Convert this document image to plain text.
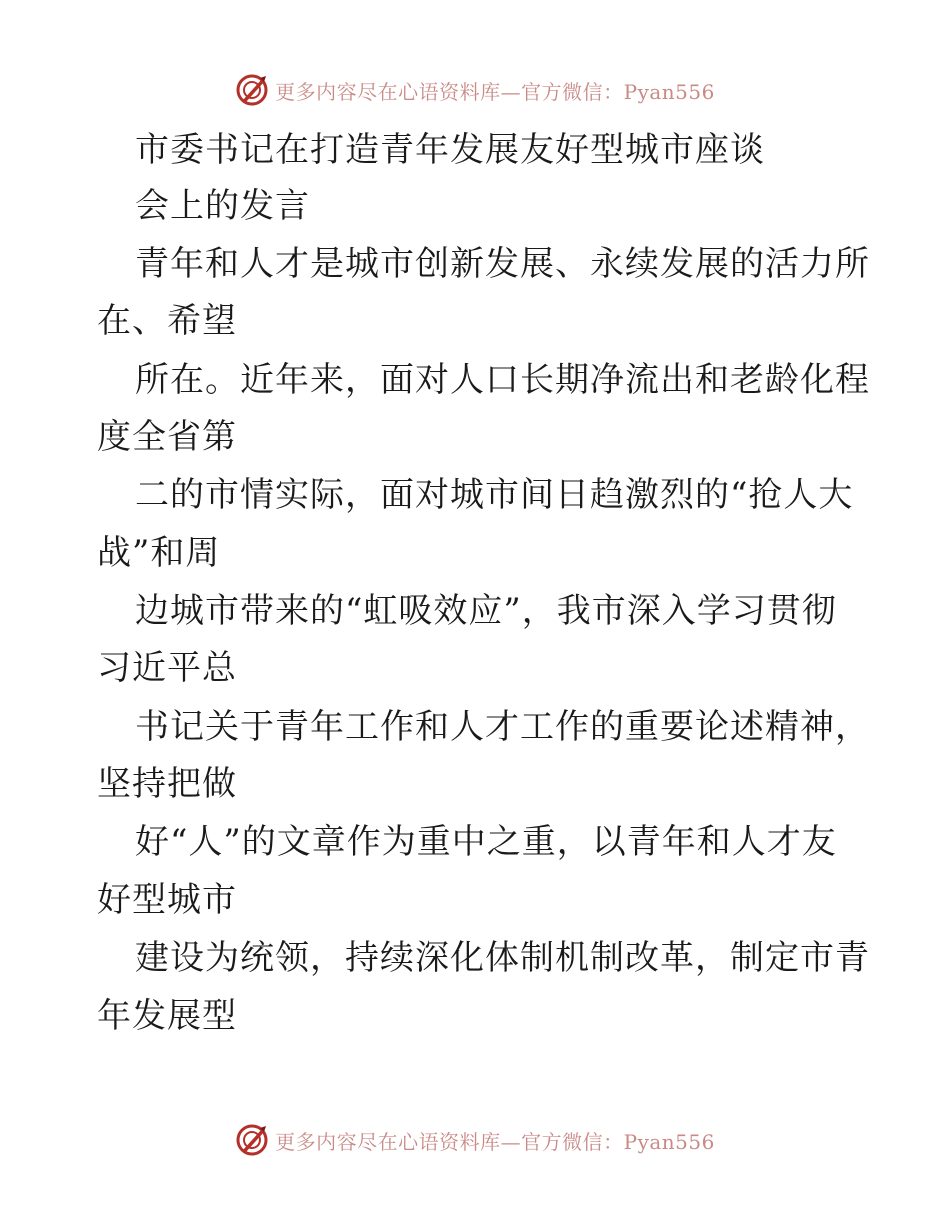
更多内容尽在心语资料库—官方微信：Pyan556
市委书记在打造青年发展友好型城市座谈
会上的发言
青年和人才是城市创新发展、永续发展的活力所
在、希望
所在。近年来，面对人口长期净流出和老龄化程
度全省第
二的市情实际，面对城市间日趋激烈的“抢人大
战”和周
边城市带来的“虹吸效应”，我市深入学习贯彻
习近平总
书记关于青年工作和人才工作的重要论述精神，
坚持把做
好“人”的文章作为重中之重，以青年和人才友
好型城市
建设为统领，持续深化体制机制改革，制定市青
年发展型
更多内容尽在心语资料库—官方微信：Pyan556
